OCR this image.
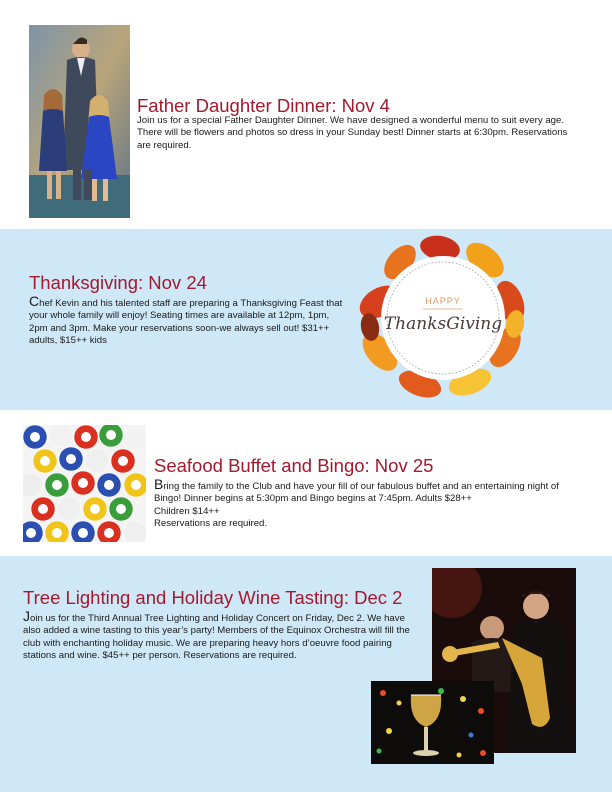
Father Daughter Dinner: Nov 4

Join us for a special Father Daughter Dinner. We have designed a wonderful menu to suit every age. There will be flowers and photos so dress in your Sunday best! Dinner starts at 6:30pm. Reservations are required.

Thanksgiving: Nov 24

Chef Kevin and his talented staff are preparing a Thanksgiving Feast that your whole family will enjoy! Seating times are available at 12pm, 1pm, 2pm and 3pm. Make your reservations soon-we always sell out! $31++ adults, $15++ kids

HAPPY
ThanksGiving
Seafood Buffet and Bingo: Nov 25

Bring the family to the Club and have your fill of our fabulous buffet and an entertaining night of Bingo! Dinner begins at 5:30pm and Bingo begins at 7:45pm. Adults $28++

Children $14++

Reservations are required.

Tree Lighting and Holiday Wine Tasting: Dec 2

Join us for the Third Annual Tree Lighting and Holiday Concert on Friday, Dec 2. We have also added a wine tasting to this year’s party! Members of the Equinox Orchestra will fill the club with enchanting holiday music. We are preparing heavy hors d’oeuvre food pairing stations and wine. $45++ per person. Reservations are required.
